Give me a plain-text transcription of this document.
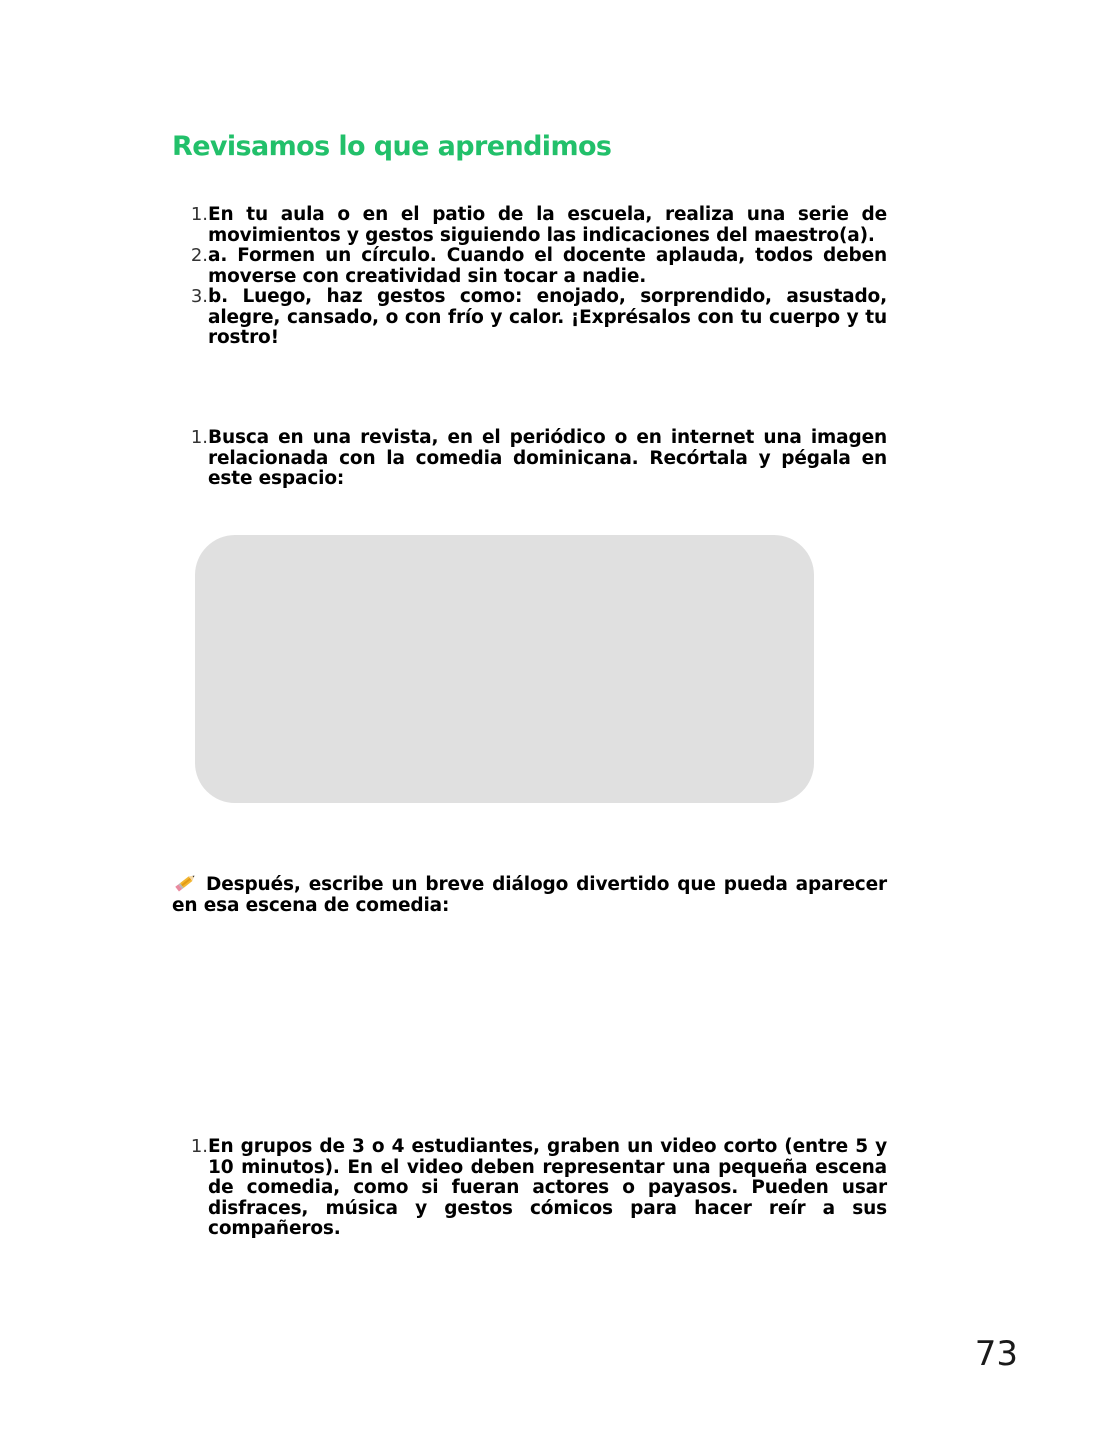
Revisamos lo que aprendimos
1. En tu aula o en el patio de la escuela, realiza una serie de movimientos y gestos siguiendo las indicaciones del maestro(a).
2. a. Formen un círculo. Cuando el docente aplauda, todos deben moverse con creatividad sin tocar a nadie.
3. b. Luego, haz gestos como: enojado, sorprendido, asustado, alegre, cansado, o con frío y calor. ¡Exprésalos con tu cuerpo y tu rostro!
1. Busca en una revista, en el periódico o en internet una imagen relacionada con la comedia dominicana. Recórtala y pégala en este espacio:

Después, escribe un breve diálogo divertido que pueda aparecer en esa escena de comedia:

1. En grupos de 3 o 4 estudiantes, graben un video corto (entre 5 y 10 minutos). En el video deben representar una pequeña escena de comedia, como si fueran actores o payasos. Pueden usar disfraces, música y gestos cómicos para hacer reír a sus compañeros.
73
